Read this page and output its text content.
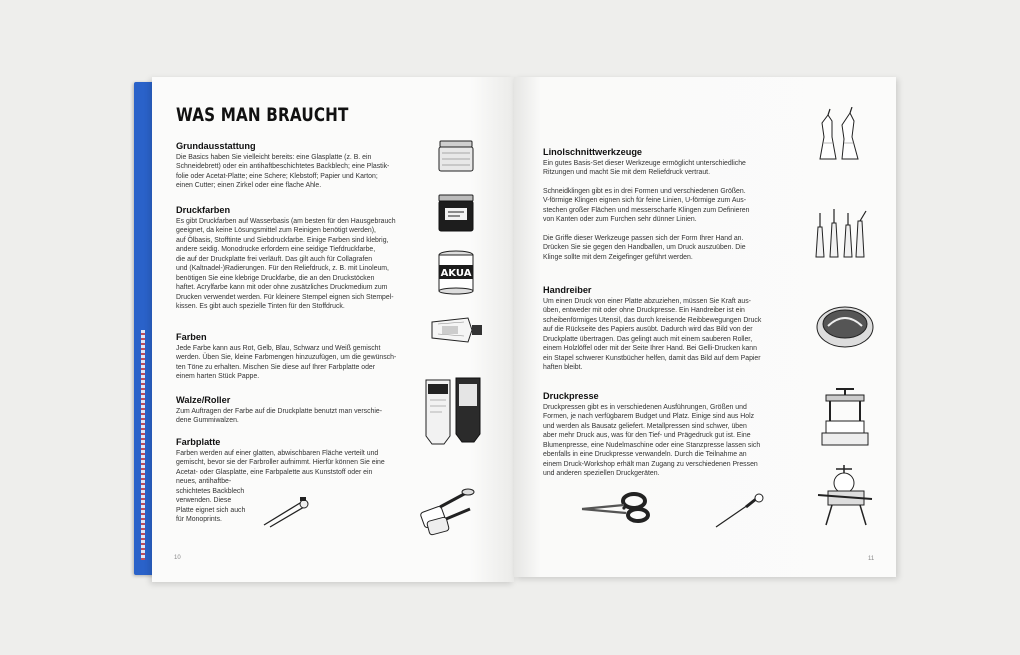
WAS MAN BRAUCHT
Grundausstattung

Die Basics haben Sie vielleicht bereits: eine Glasplatte (z. B. ein
Schneidebrett) oder ein antihaftbeschichtetes Backblech; eine Plastik-
folie oder Acetat-Platte; eine Schere; Klebstoff; Papier und Karton;
einen Cutter; einen Zirkel oder eine flache Ahle.

Druckfarben

Es gibt Druckfarben auf Wasserbasis (am besten für den Hausgebrauch
geeignet, da keine Lösungsmittel zum Reinigen benötigt werden),
auf Ölbasis, Stofftinte und Siebdruckfarbe. Einige Farben sind klebrig,
andere seidig. Monodrucke erfordern eine seidige Tiefdruckfarbe,
die auf der Druckplatte frei verläuft. Das gilt auch für Collagrafen
und (Kaltnadel-)Radierungen. Für den Reliefdruck, z. B. mit Linoleum,
benötigen Sie eine klebrige Druckfarbe, die an den Druckstöcken
haftet. Acrylfarbe kann mit oder ohne zusätzliches Druckmedium zum
Drucken verwendet werden. Für kleinere Stempel eignen sich Stempel-
kissen. Es gibt auch spezielle Tinten für den Stoffdruck.

Farben

Jede Farbe kann aus Rot, Gelb, Blau, Schwarz und Weiß gemischt
werden. Üben Sie, kleine Farbmengen hinzuzufügen, um die gewünsch-
ten Töne zu erhalten. Mischen Sie diese auf Ihrer Farbplatte oder
einem harten Stück Pappe.

Walze/Roller

Zum Auftragen der Farbe auf die Druckplatte benutzt man verschie-
dene Gummiwalzen.

Farbplatte

Farben werden auf einer glatten, abwischbaren Fläche verteilt und
gemischt, bevor sie der Farbroller aufnimmt. Hierfür können Sie eine
Acetat- oder Glasplatte, eine Farbpalette aus Kunststoff oder ein
neues, antihaftbe-
schichtetes Backblech
verwenden. Diese
Platte eignet sich auch
für Monoprints.

10
AKUA
Linolschnittwerkzeuge

Ein gutes Basis-Set dieser Werkzeuge ermöglicht unterschiedliche
Ritzungen und macht Sie mit dem Reliefdruck vertraut.

Schneidklingen gibt es in drei Formen und verschiedenen Größen.
V-förmige Klingen eignen sich für feine Linien, U-förmige zum Aus-
stechen großer Flächen und messerscharfe Klingen zum Definieren
von Kanten oder zum Furchen sehr dünner Linien.

Die Griffe dieser Werkzeuge passen sich der Form Ihrer Hand an.
Drücken Sie sie gegen den Handballen, um Druck auszuüben. Die
Klinge sollte mit dem Zeigefinger geführt werden.

Handreiber

Um einen Druck von einer Platte abzuziehen, müssen Sie Kraft aus-
üben, entweder mit oder ohne Druckpresse. Ein Handreiber ist ein
scheibenförmiges Utensil, das durch kreisende Reibbewegungen Druck
auf die Rückseite des Papiers ausübt. Dadurch wird das Bild von der
Druckplatte übertragen. Das gelingt auch mit einem sauberen Roller,
einem Holzlöffel oder mit der Seite Ihrer Hand. Bei Gelli-Drucken kann
ein Stapel schwerer Kunstbücher helfen, damit das Bild auf dem Papier
haften bleibt.

Druckpresse

Druckpressen gibt es in verschiedenen Ausführungen, Größen und
Formen, je nach verfügbarem Budget und Platz. Einige sind aus Holz
und werden als Bausatz geliefert. Metallpressen sind schwer, üben
aber mehr Druck aus, was für den Tief- und Prägedruck gut ist. Eine
Blumenpresse, eine Nudelmaschine oder eine Stanzpresse lassen sich
ebenfalls in eine Druckpresse verwandeln. Durch die Teilnahme an
einem Druck-Workshop erhält man Zugang zu verschiedenen Pressen
und anderen speziellen Druckgeräten.

11
